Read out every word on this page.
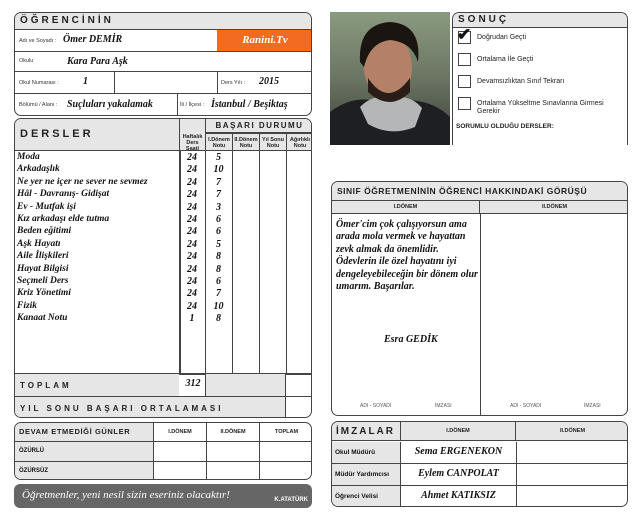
ÖĞRENCİNİN
Adı ve Soyadı : Ömer DEMİR	Ranini.Tv
Okulu	Kara Para Aşk
Okul Numarası : 1	Ders Yılı : 2015
Bölümü / Alanı : Suçluları yakalamak	İli / İlçesi : İstanbul / Beşiktaş
DERSLER
BAŞARI DURUMU
Haftalık Ders Saati
I.Dönem Notu
II.Dönem Notu
Yıl Sonu Notu
Ağırlıklı Notu
Moda	24	5
Arkadaşlık	24	10
Ne yer ne içer ne sever ne sevmez	24	7
Hâl - Davranış- Gidişat	24	7
Ev - Mutfak işi	24	3
Kız arkadaşı elde tutma	24	6
Beden eğitimi	24	6
Aşk Hayatı	24	5
Aile İlişkileri	24	8
Hayat Bilgisi	24	8
Seçmeli Ders	24	6
Kriz Yönetimi	24	7
Fizik	24	10
Kanaat Notu	1	8
TOPLAM	312
YIL SONU BAŞARI ORTALAMASI
DEVAM ETMEDİĞİ GÜNLER	I.DÖNEM	II.DÖNEM	TOPLAM
ÖZÜRLÜ
ÖZÜRSÜZ
Öğretmenler, yeni nesil sizin eseriniz olacaktır!	K.ATATÜRK
SONUÇ
✔ Doğrudan Geçti
Ortalama İle Geçti
Devamsızlıktan Sınıf Tekrarı
Ortalama Yükseltme Sınavlarına Girmesi Gerekir
SORUMLU OLDUĞU DERSLER:
SINIF ÖĞRETMENİNİN ÖĞRENCİ HAKKINDAKİ GÖRÜŞÜ
I.DÖNEM	II.DÖNEM
Ömer'cim çok çalışıyorsun ama arada mola vermek ve hayattan zevk almak da önemlidir. Ödevlerin ile özel hayatını iyi dengeleyebileceğin bir dönem olur umarım. Başarılar.
Esra GEDİK
ADI - SOYADI	İMZASI	ADI - SOYADI	İMZASI
İMZALAR	I.DÖNEM	II.DÖNEM
Okul Müdürü	Sema ERGENEKON
Müdür Yardımcısı	Eylem CANPOLAT
Öğrenci Velisi	Ahmet KATIKSIZ
